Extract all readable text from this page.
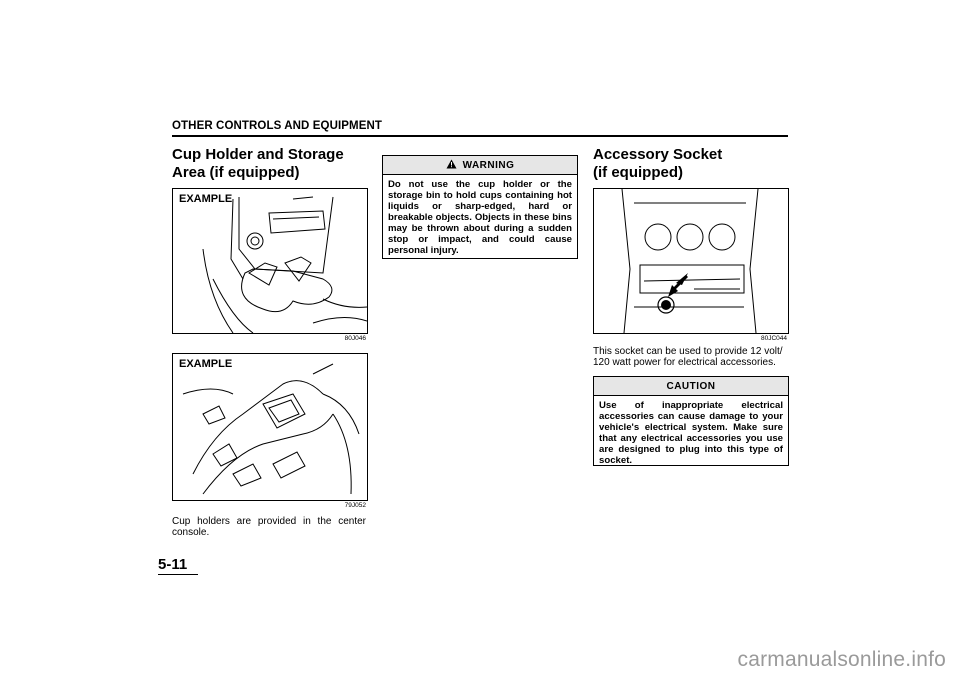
OTHER CONTROLS AND EQUIPMENT
Cup Holder and Storage Area (if equipped)
EXAMPLE
80J046
EXAMPLE
79J052
Cup holders are provided in the center console.
WARNING
Do not use the cup holder or the storage bin to hold cups containing hot liquids or sharp-edged, hard or breakable objects. Objects in these bins may be thrown about during a sudden stop or impact, and could cause personal injury.
Accessory Socket
(if equipped)
80JC044
This socket can be used to provide 12 volt/ 120 watt power for electrical accessories.
CAUTION
Use of inappropriate electrical accessories can cause damage to your vehicle's electrical system. Make sure that any electrical accessories you use are designed to plug into this type of socket.
5-11
carmanualsonline.info
